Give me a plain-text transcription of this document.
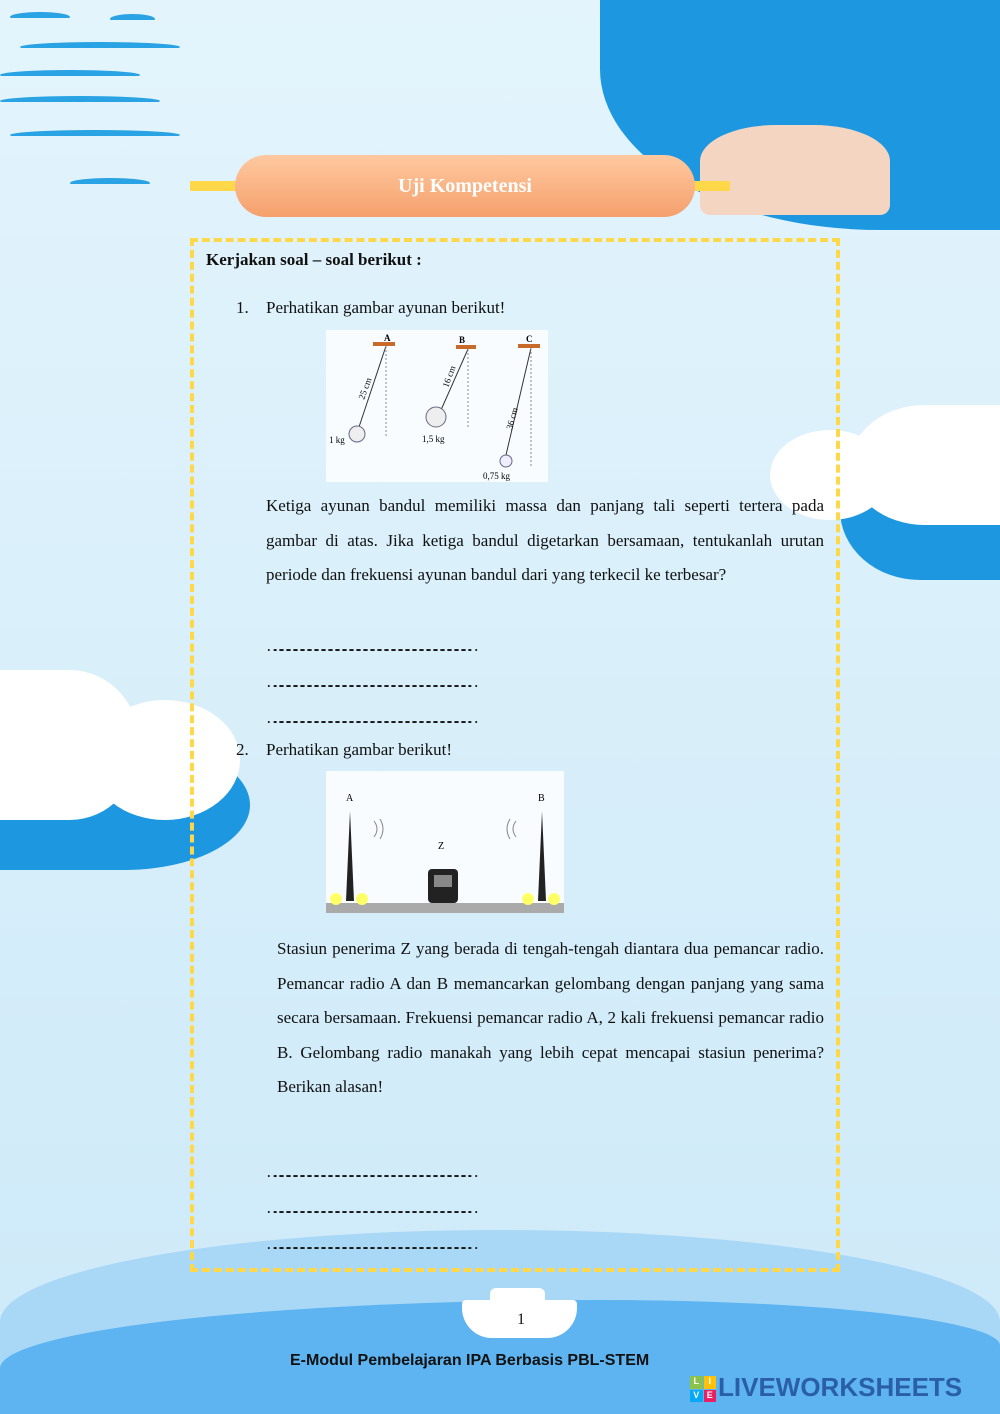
Uji Kompetensi
Kerjakan soal – soal berikut :
1. Perhatikan gambar ayunan berikut!
A	B	C
25 cm	16 cm
36 cm
1 kg	1,5 kg
0,75 kg
Ketiga ayunan bandul memiliki massa dan panjang tali seperti tertera pada gambar di atas. Jika ketiga bandul digetarkan bersamaan, tentukanlah urutan periode dan frekuensi ayunan bandul dari yang terkecil ke terbesar?
……………………………………………………………………………
……………………………………………………………………………
……………………………………………………………………………
2. Perhatikan gambar berikut!
A
Z
B
Stasiun penerima Z yang berada di tengah-tengah diantara dua pemancar radio. Pemancar radio A dan B memancarkan gelombang dengan panjang yang sama secara bersamaan. Frekuensi pemancar radio A, 2 kali frekuensi pemancar radio B. Gelombang radio manakah yang lebih cepat mencapai stasiun penerima? Berikan alasan!
……………………………………………………………………………
……………………………………………………………………………
……………………………………………………………………………
1
E-Modul Pembelajaran IPA Berbasis PBL-STEM
L	I
V E LIVEWORKSHEETS
